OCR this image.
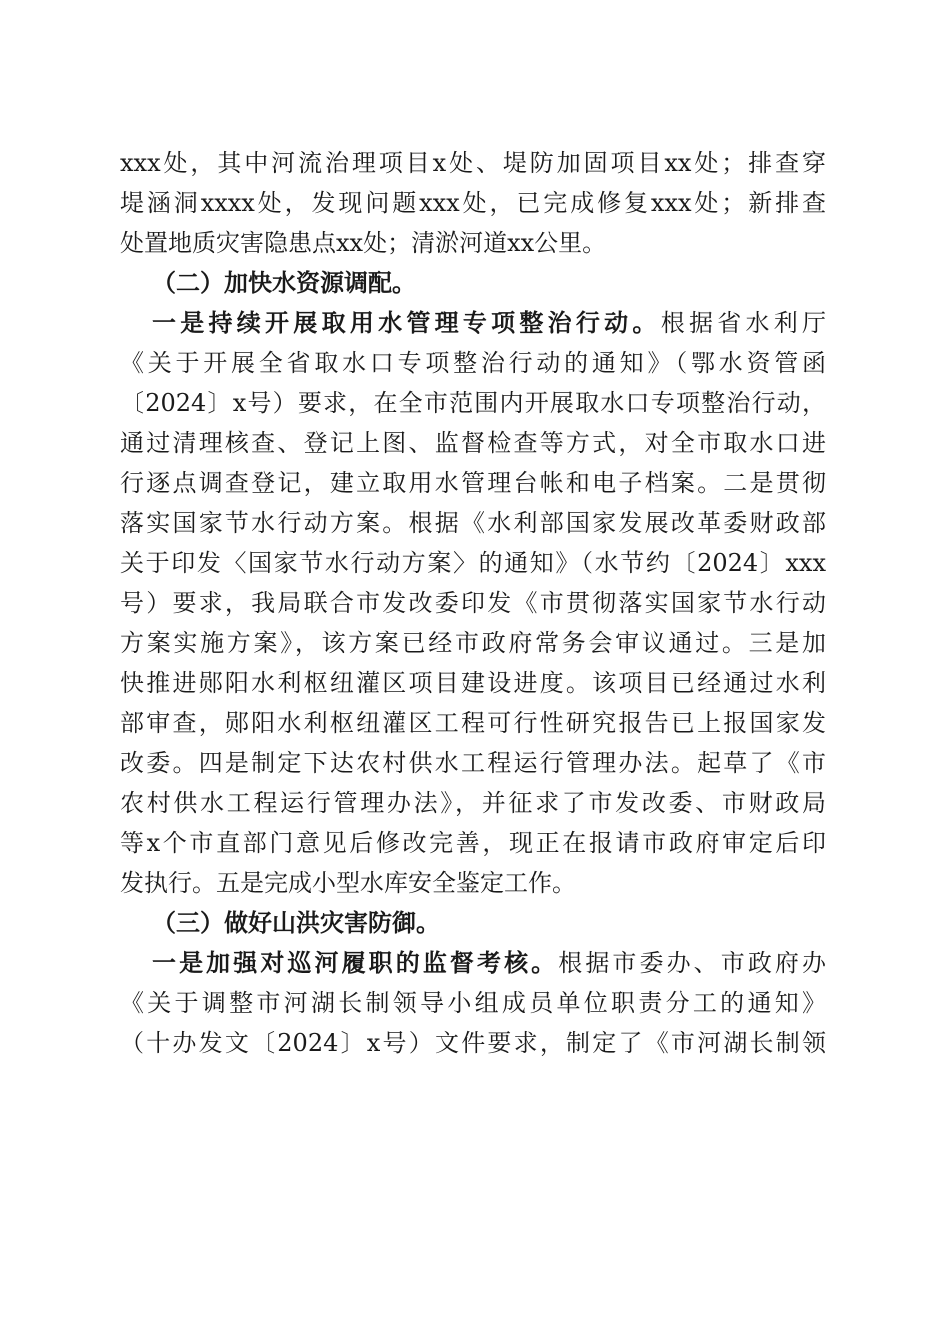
xxx处，其中河流治理项目x处、堤防加固项目xx处；排查穿
堤涵洞xxxx处，发现问题xxx处，已完成修复xxx处；新排查
处置地质灾害隐患点xx处；清淤河道xx公里。
（二）加快水资源调配。
一是持续开展取用水管理专项整治行动。根据省水利厅
《关于开展全省取水口专项整治行动的通知》（鄂水资管函
〔2024〕x号）要求，在全市范围内开展取水口专项整治行动，
通过清理核查、登记上图、监督检查等方式，对全市取水口进
行逐点调查登记，建立取用水管理台帐和电子档案。二是贯彻
落实国家节水行动方案。根据《水利部国家发展改革委财政部
关于印发〈国家节水行动方案〉的通知》（水节约〔2024〕xxx
号）要求，我局联合市发改委印发《市贯彻落实国家节水行动
方案实施方案》，该方案已经市政府常务会审议通过。三是加
快推进郧阳水利枢纽灌区项目建设进度。该项目已经通过水利
部审查，郧阳水利枢纽灌区工程可行性研究报告已上报国家发
改委。四是制定下达农村供水工程运行管理办法。起草了《市
农村供水工程运行管理办法》，并征求了市发改委、市财政局
等x个市直部门意见后修改完善，现正在报请市政府审定后印
发执行。五是完成小型水库安全鉴定工作。
（三）做好山洪灾害防御。
一是加强对巡河履职的监督考核。根据市委办、市政府办
《关于调整市河湖长制领导小组成员单位职责分工的通知》
（十办发文〔2024〕x号）文件要求，制定了《市河湖长制领
